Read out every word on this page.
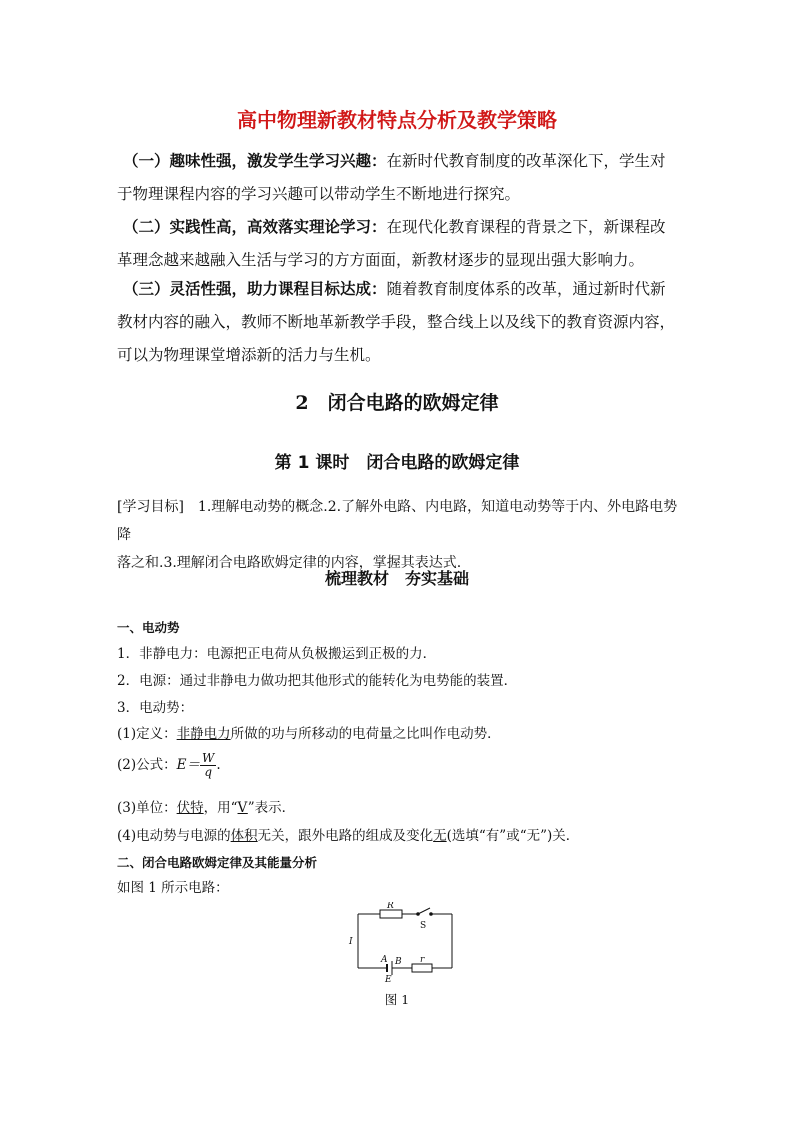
高中物理新教材特点分析及教学策略
（一）趣味性强，激发学生学习兴趣：在新时代教育制度的改革深化下，学生对
于物理课程内容的学习兴趣可以带动学生不断地进行探究。
（二）实践性高，高效落实理论学习：在现代化教育课程的背景之下，新课程改
革理念越来越融入生活与学习的方方面面，新教材逐步的显现出强大影响力。
（三）灵活性强，助力课程目标达成：随着教育制度体系的改革，通过新时代新
教材内容的融入，教师不断地革新教学手段，整合线上以及线下的教育资源内容，
可以为物理课堂增添新的活力与生机。
2　闭合电路的欧姆定律
第 1 课时　闭合电路的欧姆定律
[学习目标]　1.理解电动势的概念.2.了解外电路、内电路，知道电动势等于内、外电路电势降
落之和.3.理解闭合电路欧姆定律的内容，掌握其表达式.
梳理教材　夯实基础
一、电动势
1．非静电力：电源把正电荷从负极搬运到正极的力．
2．电源：通过非静电力做功把其他形式的能转化为电势能的装置．
3．电动势：
(1)定义：非静电力所做的功与所移动的电荷量之比叫作电动势．
(2)公式：$E= \frac{W}{q}$ .
(3)单位：伏特，用“V”表示．
(4)电动势与电源的体积无关，跟外电路的组成及变化无(选填“有”或“无”)关．
二、闭合电路欧姆定律及其能量分析
如图 1 所示电路：
R
S
I
A B
E
r
图 1
